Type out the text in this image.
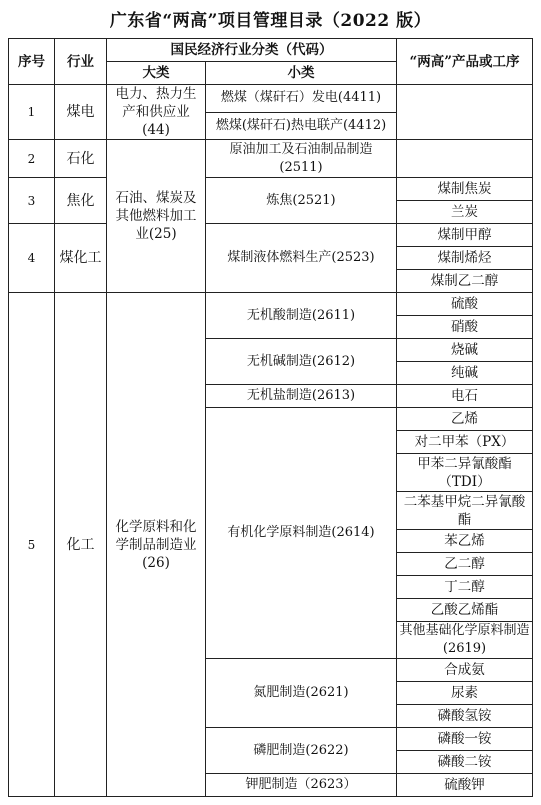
广东省“两高”项目管理目录（2022 版）
序号	行业	国民经济行业分类（代码）		“两高”产品或工序	
		大类	小类		
1	煤电	电力、热力生产和供应业(44)	燃煤（煤矸石）发电(4411)		
			燃煤(煤矸石)热电联产(4412)		
2	石化	石油、煤炭及其他燃料加工业(25)	原油加工及石油制品制造(2511)		
3	焦化		炼焦(2521)	煤制焦炭	
				兰炭	
4	煤化工		煤制液体燃料生产(2523)	煤制甲醇	
				煤制烯烃	
				煤制乙二醇	
5	化工	化学原料和化学制品制造业(26)	无机酸制造(2611)	硫酸	
				硝酸	
			无机碱制造(2612)	烧碱	
				纯碱	
			无机盐制造(2613)	电石	
			有机化学原料制造(2614)	乙烯	
				对二甲苯（PX）	
				甲苯二异氰酸酯（TDI）	
				二苯基甲烷二异氰酸酯	
				苯乙烯	
				乙二醇	
				丁二醇	
				乙酸乙烯酯	
				其他基础化学原料制造(2619)	
			氮肥制造(2621)	合成氨	
				尿素	
				磷酸氢铵	
			磷肥制造(2622)	磷酸一铵	
				磷酸二铵	
			钾肥制造（2623）	硫酸钾	
